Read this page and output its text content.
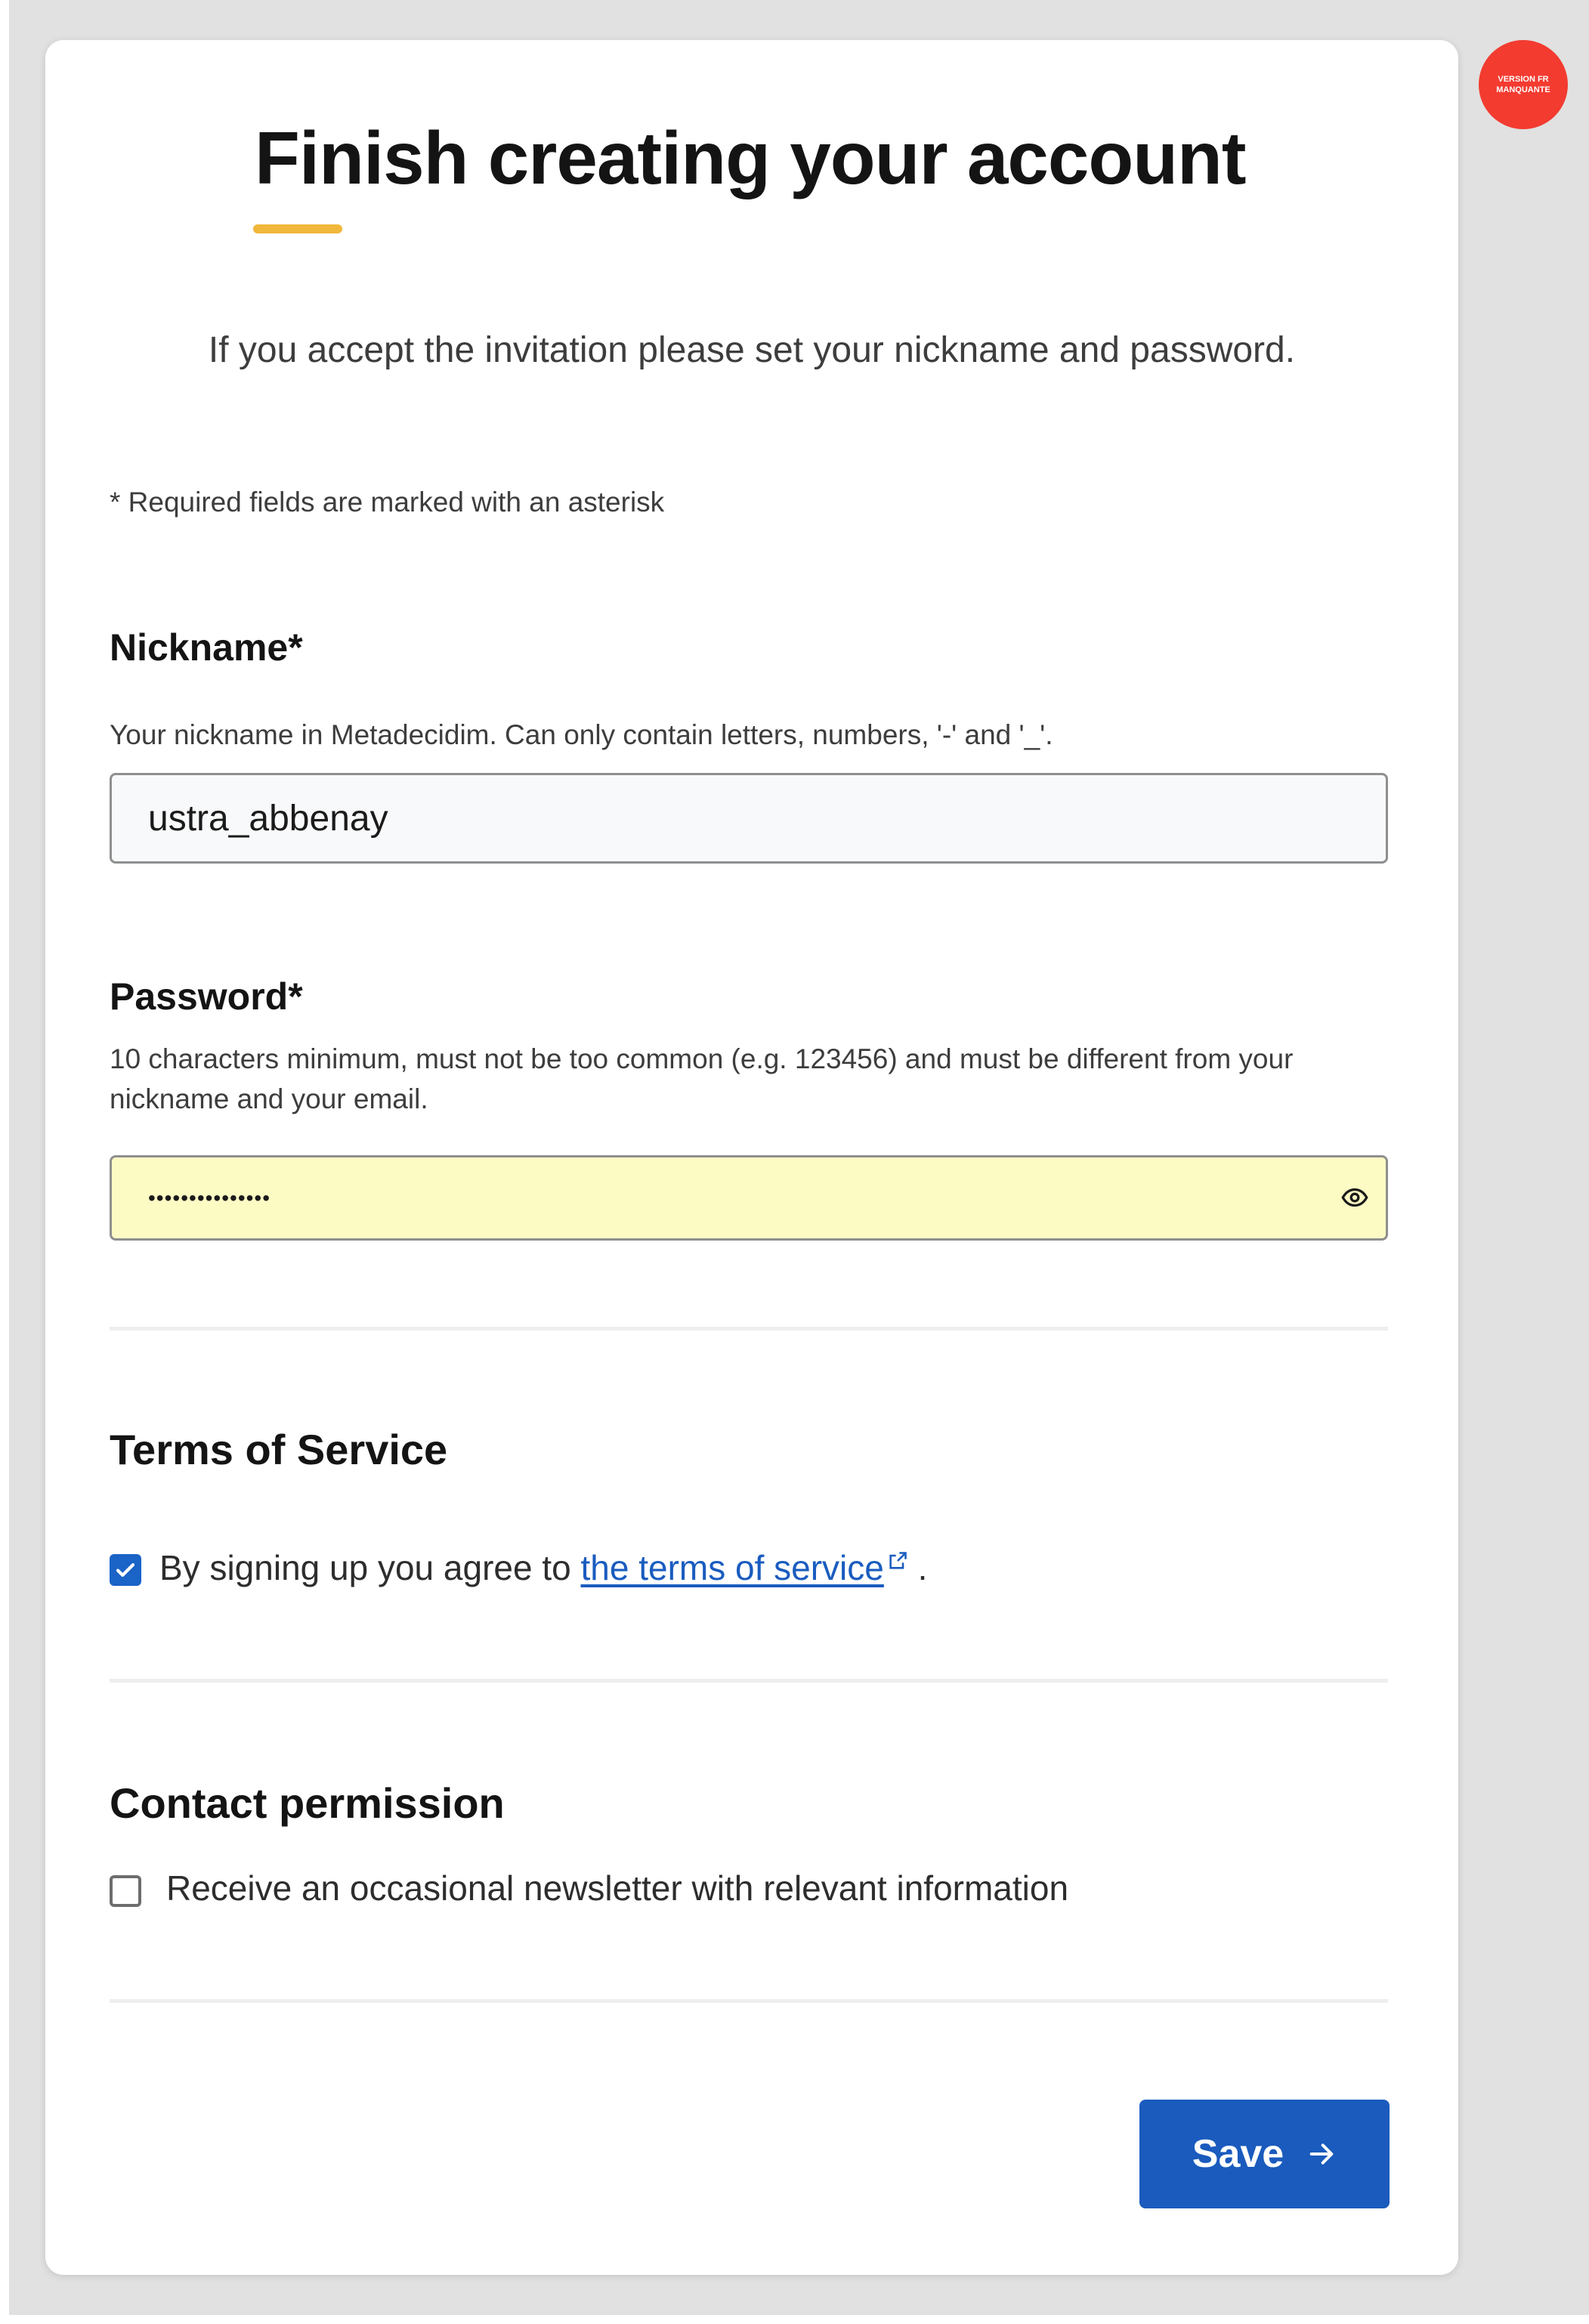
VERSION FR
MANQUANTE
Finish creating your account
If you accept the invitation please set your nickname and password.
* Required fields are marked with an asterisk
Nickname*
Your nickname in Metadecidim. Can only contain letters, numbers, '-' and '_'.
ustra_abbenay
Password*
10 characters minimum, must not be too common (e.g. 123456) and must be different from your nickname and your email.
•••••••••••••••
Terms of Service
By signing up you agree to the terms of service .
Contact permission
Receive an occasional newsletter with relevant information
Save
